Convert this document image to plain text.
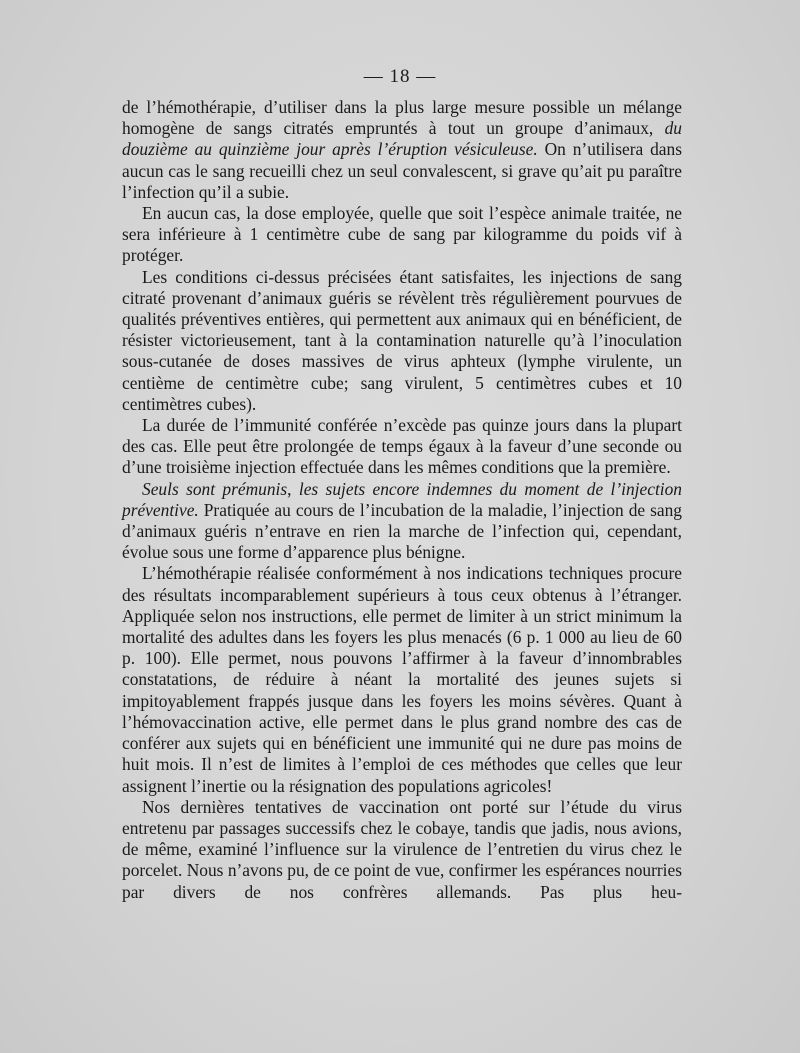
— 18 —

de l’hémothérapie, d’utiliser dans la plus large mesure possible un mélange homogène de sangs citratés empruntés à tout un groupe d’animaux, du douzième au quinzième jour après l’éruption vésiculeuse. On n’utilisera dans aucun cas le sang recueilli chez un seul convalescent, si grave qu’ait pu paraître l’infection qu’il a subie.

En aucun cas, la dose employée, quelle que soit l’espèce animale traitée, ne sera inférieure à 1 centimètre cube de sang par kilogramme du poids vif à protéger.

Les conditions ci-dessus précisées étant satisfaites, les injections de sang citraté provenant d’animaux guéris se révèlent très régulièrement pourvues de qualités préventives entières, qui permettent aux animaux qui en bénéficient, de résister victorieusement, tant à la contamination naturelle qu’à l’inoculation sous-cutanée de doses massives de virus aphteux (lymphe virulente, un centième de centimètre cube; sang virulent, 5 centimètres cubes et 10 centimètres cubes).

La durée de l’immunité conférée n’excède pas quinze jours dans la plupart des cas. Elle peut être prolongée de temps égaux à la faveur d’une seconde ou d’une troisième injection effectuée dans les mêmes conditions que la première.

Seuls sont prémunis, les sujets encore indemnes du moment de l’injection préventive. Pratiquée au cours de l’incubation de la maladie, l’injection de sang d’animaux guéris n’entrave en rien la marche de l’infection qui, cependant, évolue sous une forme d’apparence plus bénigne.

L’hémothérapie réalisée conformément à nos indications techniques procure des résultats incomparablement supérieurs à tous ceux obtenus à l’étranger. Appliquée selon nos instructions, elle permet de limiter à un strict minimum la mortalité des adultes dans les foyers les plus menacés (6 p. 1 000 au lieu de 60 p. 100). Elle permet, nous pouvons l’affirmer à la faveur d’innombrables constatations, de réduire à néant la mortalité des jeunes sujets si impitoyablement frappés jusque dans les foyers les moins sévères. Quant à l’hémovaccination active, elle permet dans le plus grand nombre des cas de conférer aux sujets qui en bénéficient une immunité qui ne dure pas moins de huit mois. Il n’est de limites à l’emploi de ces méthodes que celles que leur assignent l’inertie ou la résignation des populations agricoles!

Nos dernières tentatives de vaccination ont porté sur l’étude du virus entretenu par passages successifs chez le cobaye, tandis que jadis, nous avions, de même, examiné l’influence sur la virulence de l’entretien du virus chez le porcelet. Nous n’avons pu, de ce point de vue, confirmer les espérances nourries par divers de nos confrères allemands. Pas plus heu-
